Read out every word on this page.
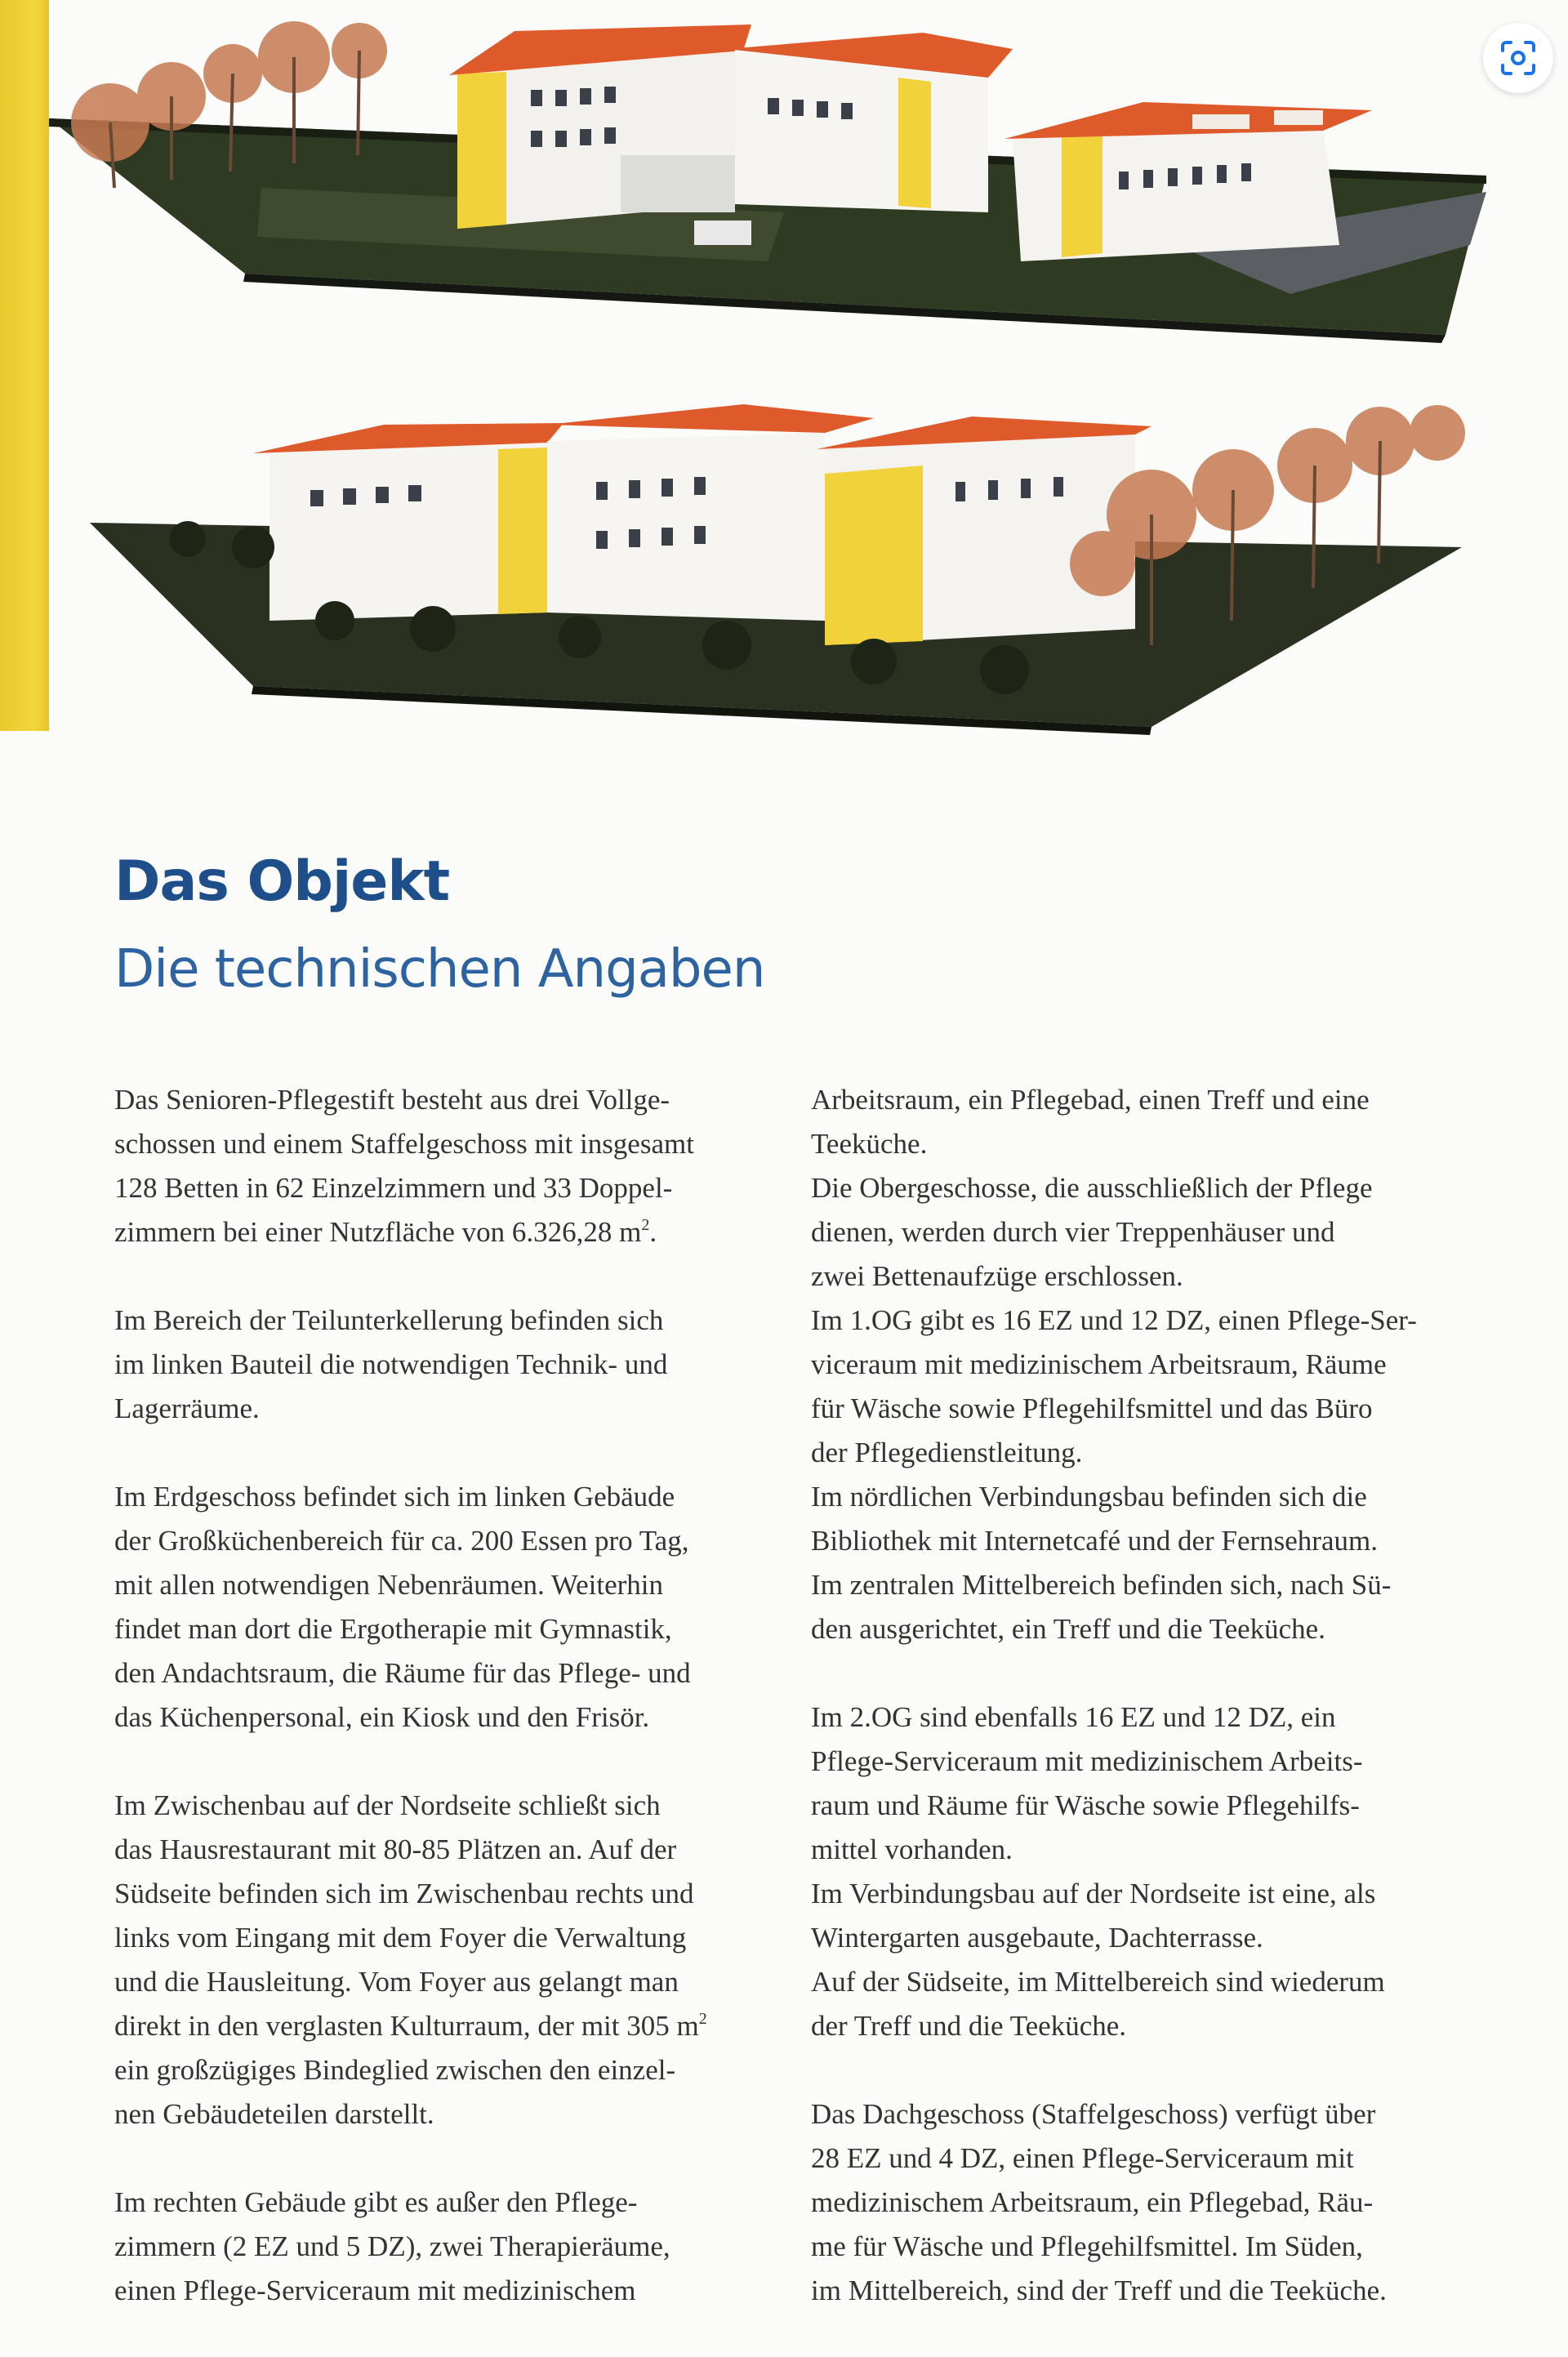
Das Objekt
Die technischen Angaben

Das Senioren-Pflegestift besteht aus drei Vollge-
schossen und einem Staffelgeschoss mit insgesamt
128 Betten in 62 Einzelzimmern und 33 Doppel-
zimmern bei einer Nutzfläche von 6.326,28 $m^2$.

Im Bereich der Teilunterkellerung befinden sich
im linken Bauteil die notwendigen Technik- und
Lagerräume.

Im Erdgeschoss befindet sich im linken Gebäude
der Großküchenbereich für ca. 200 Essen pro Tag,
mit allen notwendigen Nebenräumen. Weiterhin
findet man dort die Ergotherapie mit Gymnastik,
den Andachtsraum, die Räume für das Pflege- und
das Küchenpersonal, ein Kiosk und den Frisör.

Im Zwischenbau auf der Nordseite schließt sich
das Hausrestaurant mit 80-85 Plätzen an. Auf der
Südseite befinden sich im Zwischenbau rechts und
links vom Eingang mit dem Foyer die Verwaltung
und die Hausleitung. Vom Foyer aus gelangt man
direkt in den verglasten Kulturraum, der mit 305 $m^2$
ein großzügiges Bindeglied zwischen den einzel-
nen Gebäudeteilen darstellt.

Im rechten Gebäude gibt es außer den Pflege-
zimmern (2 EZ und 5 DZ), zwei Therapieräume,
einen Pflege-Serviceraum mit medizinischem

Arbeitsraum, ein Pflegebad, einen Treff und eine
Teeküche.
Die Obergeschosse, die ausschließlich der Pflege
dienen, werden durch vier Treppenhäuser und
zwei Bettenaufzüge erschlossen.
Im 1.OG gibt es 16 EZ und 12 DZ, einen Pflege-Ser-
viceraum mit medizinischem Arbeitsraum, Räume
für Wäsche sowie Pflegehilfsmittel und das Büro
der Pflegedienstleitung.
Im nördlichen Verbindungsbau befinden sich die
Bibliothek mit Internetcafé und der Fernsehraum.
Im zentralen Mittelbereich befinden sich, nach Sü-
den ausgerichtet, ein Treff und die Teeküche.

Im 2.OG sind ebenfalls 16 EZ und 12 DZ, ein
Pflege-Serviceraum mit medizinischem Arbeits-
raum und Räume für Wäsche sowie Pflegehilfs-
mittel vorhanden.
Im Verbindungsbau auf der Nordseite ist eine, als
Wintergarten ausgebaute, Dachterrasse.
Auf der Südseite, im Mittelbereich sind wiederum
der Treff und die Teeküche.

Das Dachgeschoss (Staffelgeschoss) verfügt über
28 EZ und 4 DZ, einen Pflege-Serviceraum mit
medizinischem Arbeitsraum, ein Pflegebad, Räu-
me für Wäsche und Pflegehilfsmittel. Im Süden,
im Mittelbereich, sind der Treff und die Teeküche.
